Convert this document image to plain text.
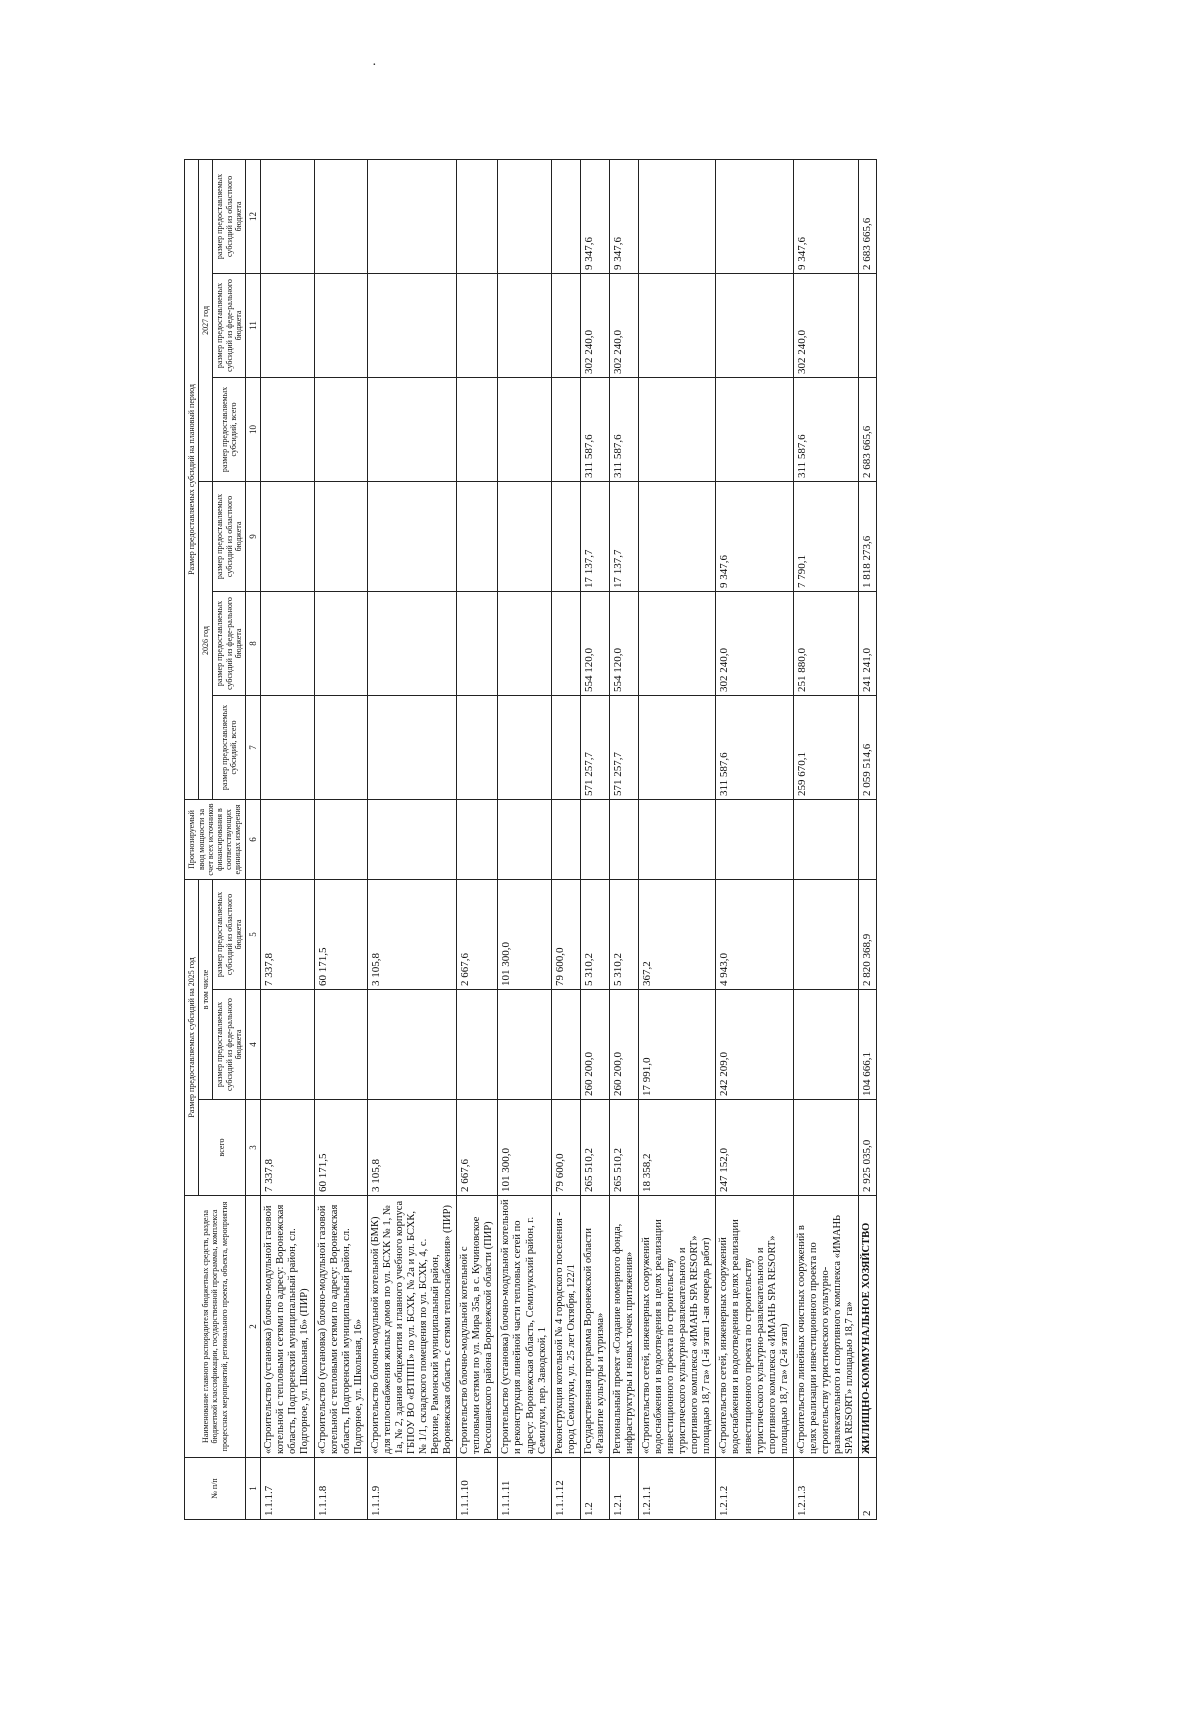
№ п/п	Наименование главного распорядителя бюджетных средств, раздела бюджетной классификации, государственной программы, комплекса процессных мероприятий, регионального проекта, объекта, мероприятия	Размер предоставляемых субсидий на 2025 год			Прогнозируемый ввод мощности за счет всех источников финансирования в соответствующих единицах измерения	Размер предоставляемых субсидий на плановый период					
		всего	в том числе			2026 год			2027 год		
			размер предоставляемых субсидий из феде-рального бюджета	размер предоставляемых субсидий из областного бюджета		размер предоставляемых субсидий, всего	размер предоставляемых субсидий из феде-рального бюджета	размер предоставляемых субсидий из областного бюджета	размер предоставляемых субсидий, всего	размер предоставляемых субсидий из феде-рального бюджета	размер предоставляемых субсидий из областного бюджета
1	2	3	4	5	6	7	8	9	10	11	12
1.1.1.7	«Строительство (установка) блочно-модульной газовой котельной с тепловыми сетями по адресу: Воронежская область, Подгоренский муниципальный район, сл. Подгорное, ул. Школьная, 16» (ПИР)	7 337,8		7 337,8							
1.1.1.8	«Строительство (установка) блочно-модульной газовой котельной с тепловыми сетями по адресу: Воронежская область, Подгоренский муниципальный район, сл. Подгорное, ул. Школьная, 16»	60 171,5		60 171,5							
1.1.1.9	«Строительство блочно-модульной котельной (БМК) для теплоснабжения жилых домов по ул. БСХК № 1, № 1а, № 2, здания общежития и главного учебного корпуса ГБПОУ ВО «ВТППП» по ул. БСХК, № 2а и ул. БСХК, № 1/1, складского помещения по ул. БСХК, 4, с. Верхние, Рамонский муниципальный район, Воронежская область с сетями теплоснабжения» (ПИР)	3 105,8		3 105,8							
1.1.1.10	Строительство блочно-модульной котельной с тепловыми сетями по ул. Мира 35а, в с. Кучиновское Россошанского района Воронежской области (ПИР)	2 667,6		2 667,6							
1.1.1.11	Строительство (установка) блочно-модульной котельной и реконструкция линейной части тепловых сетей по адресу: Воронежская область, Семилукский район, г. Семилуки, пер. Заводской, 1	101 300,0		101 300,0							
1.1.1.12	Реконструкция котельной № 4 городского поселения - город Семилуки, ул. 25 лет Октября, 122/1	79 600,0		79 600,0							
1.2	Государственная программа Воронежской области «Развитие культуры и туризма»	265 510,2	260 200,0	5 310,2		571 257,7	554 120,0	17 137,7	311 587,6	302 240,0	9 347,6
1.2.1	Региональный проект «Создание номерного фонда, инфраструктуры и новых точек притяжения»	265 510,2	260 200,0	5 310,2		571 257,7	554 120,0	17 137,7	311 587,6	302 240,0	9 347,6
1.2.1.1	«Строительство сетей, инженерных сооружений водоснабжения и водоотведения в целях реализации инвестиционного проекта по строительству туристического культурно-развлекательного и спортивного комплекса «ИМАНЬ SPA RESORT» площадью 18,7 га» (1-й этап 1-ая очередь работ)	18 358,2	17 991,0	367,2							
1.2.1.2	«Строительство сетей, инженерных сооружений водоснабжения и водоотведения в целях реализации инвестиционного проекта по строительству туристического культурно-развлекательного и спортивного комплекса «ИМАНЬ SPA RESORT» площадью 18,7 га» (2-й этап)	247 152,0	242 209,0	4 943,0		311 587,6	302 240,0	9 347,6			
1.2.1.3	«Строительство линейных очистных сооружений в целях реализации инвестиционного проекта по строительству туристического культурно-развлекательного и спортивного комплекса «ИМАНЬ SPA RESORT» площадью 18,7 га»					259 670,1	251 880,0	7 790,1	311 587,6	302 240,0	9 347,6
2	ЖИЛИЩНО-КОММУНАЛЬНОЕ ХОЗЯЙСТВО	2 925 035,0	104 666,1	2 820 368,9		2 059 514,6	241 241,0	1 818 273,6	2 683 665,6		2 683 665,6
·
